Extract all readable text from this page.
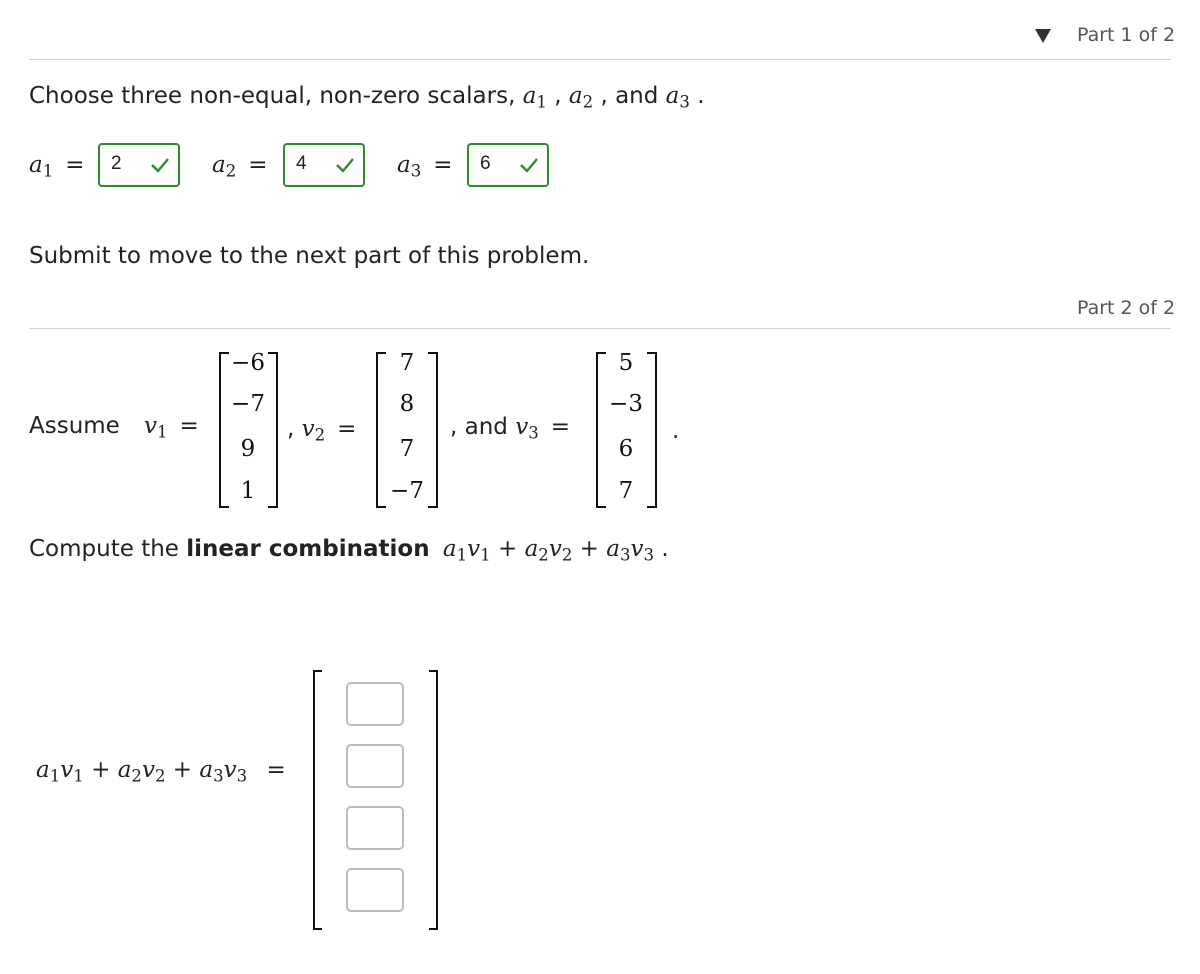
Part 1 of 2
Choose three non-equal, non-zero scalars, $a_1$ , $a_2$ , and $a_3$ .
$a_1$ =	2	$a_2$ =	4	$a_3$ =	6
Submit to move to the next part of this problem.
Part 2 of 2
Assume $v_1$ =
−6
−7
9
1
, $v_2$ =
7
8
7
−7
, and $v_3$ =
5
−3
6
7
.
Compute the linear combination $a_1v_1 + a_2v_2 + a_3v_3$ .
$a_1v_1 + a_2v_2 + a_3v_3$ =
